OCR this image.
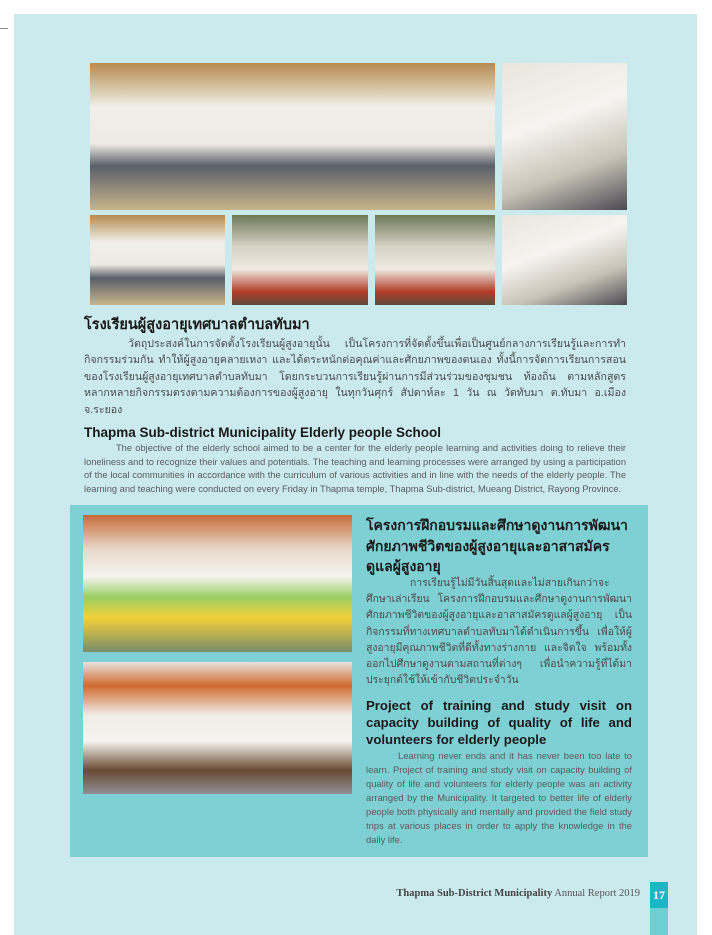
โรงเรียนผู้สูงอายุเทศบาลตำบลทับมา

วัตถุประสงค์ในการจัดตั้งโรงเรียนผู้สูงอายุนั้น เป็นโครงการที่จัดตั้งขึ้นเพื่อเป็นศูนย์กลางการเรียนรู้และการทำกิจกรรมร่วมกัน ทำให้ผู้สูงอายุคลายเหงา และได้ตระหนักต่อคุณค่าและศักยภาพของตนเอง ทั้งนี้การจัดการเรียนการสอนของโรงเรียนผู้สูงอายุเทศบาลตำบลทับมา โดยกระบวนการเรียนรู้ผ่านการมีส่วนร่วมของชุมชน ท้องถิ่น ตามหลักสูตรหลากหลายกิจกรรมตรงตามความต้องการของผู้สูงอายุ ในทุกวันศุกร์ สัปดาห์ละ 1 วัน ณ วัดทับมา ต.ทับมา อ.เมือง จ.ระยอง

Thapma Sub-district Municipality Elderly people School

The objective of the elderly school aimed to be a center for the elderly people learning and activities doing to relieve their loneliness and to recognize their values and potentials. The teaching and learning processes were arranged by using a participation of the local communities in accordance with the curriculum of various activities and in line with the needs of the elderly people. The learning and teaching were conducted on every Friday in Thapma temple, Thapma Sub-district, Mueang District, Rayong Province.

โครงการฝึกอบรมและศึกษาดูงานการพัฒนาศักยภาพชีวิตของผู้สูงอายุและอาสาสมัครดูแลผู้สูงอายุ

การเรียนรู้ไม่มีวันสิ้นสุดและไม่สายเกินกว่าจะศึกษาเล่าเรียน โครงการฝึกอบรมและศึกษาดูงานการพัฒนาศักยภาพชีวิตของผู้สูงอายุและอาสาสมัครดูแลผู้สูงอายุ เป็นกิจกรรมที่ทางเทศบาลตำบลทับมาได้ดำเนินการขึ้น เพื่อให้ผู้สูงอายุมีคุณภาพชีวิตที่ดีทั้งทางร่างกาย และจิตใจ พร้อมทั้งออกไปศึกษาดูงานตามสถานที่ต่างๆ เพื่อนำความรู้ที่ได้มาประยุกต์ใช้ให้เข้ากับชีวิตประจำวัน

Project of training and study visit on capacity building of quality of life and volunteers for elderly people

Learning never ends and it has never been too late to learn. Project of training and study visit on capacity building of quality of life and volunteers for elderly people was an activity arranged by the Municipality. It targeted to better life of elderly people both physically and mentally and provided the field study trips at various places in order to apply the knowledge in the daily life.

Thapma Sub-District Municipality Annual Report 2019 17
